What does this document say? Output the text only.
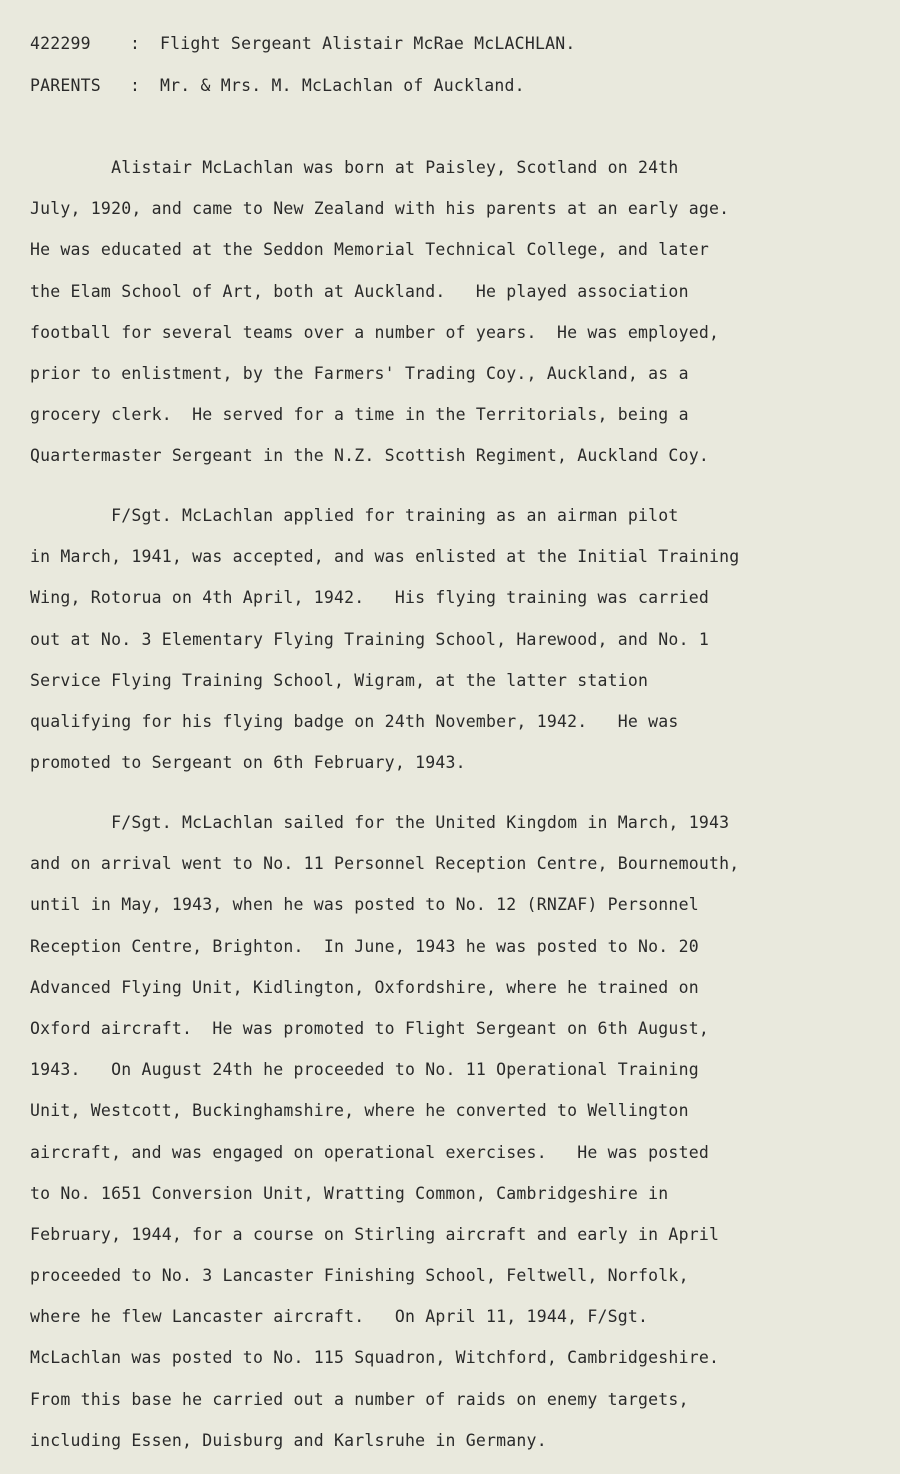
422299 : Flight Sergeant Alistair McRae McLACHLAN.
PARENTS : Mr. & Mrs. M. McLachlan of Auckland.
Alistair McLachlan was born at Paisley, Scotland on 24th
July, 1920, and came to New Zealand with his parents at an early age.
He was educated at the Seddon Memorial Technical College, and later
the Elam School of Art, both at Auckland.   He played association
football for several teams over a number of years.  He was employed,
prior to enlistment, by the Farmers' Trading Coy., Auckland, as a
grocery clerk.  He served for a time in the Territorials, being a
Quartermaster Sergeant in the N.Z. Scottish Regiment, Auckland Coy.
F/Sgt. McLachlan applied for training as an airman pilot
in March, 1941, was accepted, and was enlisted at the Initial Training
Wing, Rotorua on 4th April, 1942.   His flying training was carried
out at No. 3 Elementary Flying Training School, Harewood, and No. 1
Service Flying Training School, Wigram, at the latter station
qualifying for his flying badge on 24th November, 1942.   He was
promoted to Sergeant on 6th February, 1943.
F/Sgt. McLachlan sailed for the United Kingdom in March, 1943
and on arrival went to No. 11 Personnel Reception Centre, Bournemouth,
until in May, 1943, when he was posted to No. 12 (RNZAF) Personnel
Reception Centre, Brighton.  In June, 1943 he was posted to No. 20
Advanced Flying Unit, Kidlington, Oxfordshire, where he trained on
Oxford aircraft.  He was promoted to Flight Sergeant on 6th August,
1943.   On August 24th he proceeded to No. 11 Operational Training
Unit, Westcott, Buckinghamshire, where he converted to Wellington
aircraft, and was engaged on operational exercises.   He was posted
to No. 1651 Conversion Unit, Wratting Common, Cambridgeshire in
February, 1944, for a course on Stirling aircraft and early in April
proceeded to No. 3 Lancaster Finishing School, Feltwell, Norfolk,
where he flew Lancaster aircraft.   On April 11, 1944, F/Sgt.
McLachlan was posted to No. 115 Squadron, Witchford, Cambridgeshire.
From this base he carried out a number of raids on enemy targets,
including Essen, Duisburg and Karlsruhe in Germany.
